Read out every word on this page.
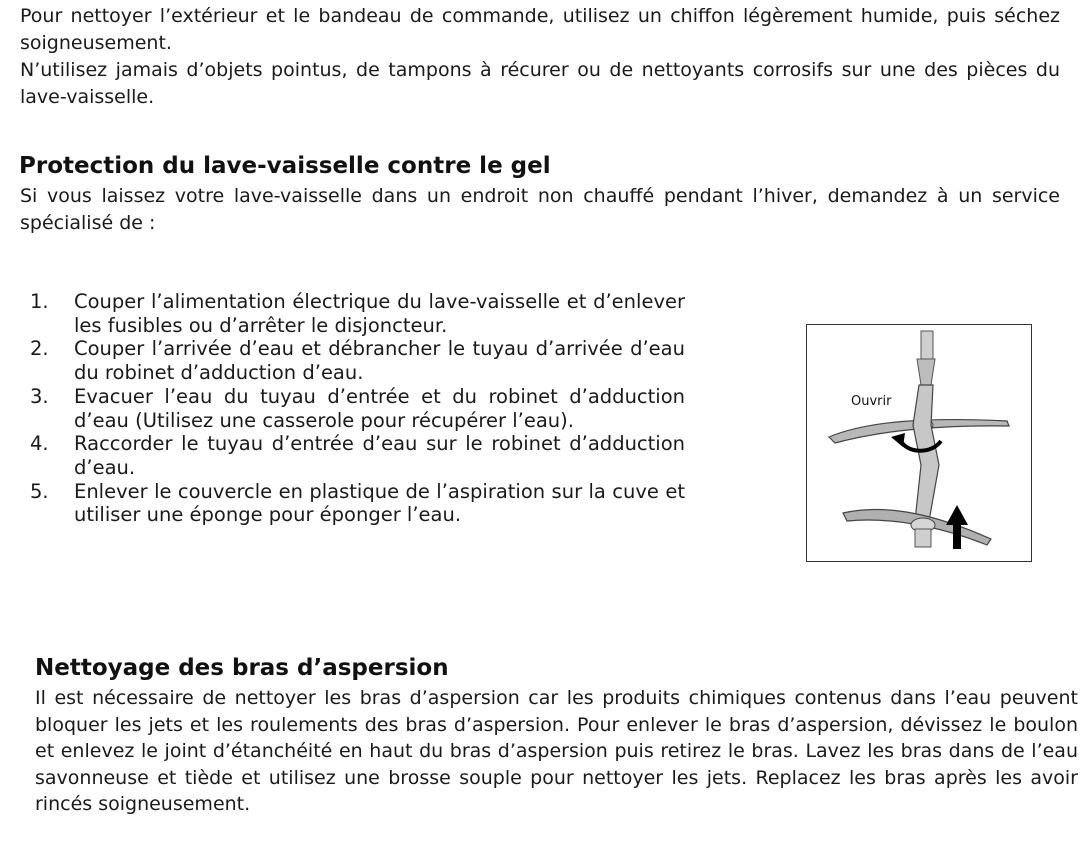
Pour nettoyer l’extérieur et le bandeau de commande, utilisez un chiffon légèrement humide, puis séchez soigneusement.

N’utilisez jamais d’objets pointus, de tampons à récurer ou de nettoyants corrosifs sur une des pièces du lave-vaisselle.

Protection du lave-vaisselle contre le gel

Si vous laissez votre lave-vaisselle dans un endroit non chauffé pendant l’hiver, demandez à un service spécialisé de :

1. Couper l’alimentation électrique du lave-vaisselle et d’enlever les fusibles ou d’arrêter le disjoncteur.
2. Couper l’arrivée d’eau et débrancher le tuyau d’arrivée d’eau du robinet d’adduction d’eau.
3. Evacuer l’eau du tuyau d’entrée et du robinet d’adduction d’eau (Utilisez une casserole pour récupérer l’eau).
4. Raccorder le tuyau d’entrée d’eau sur le robinet d’adduction d’eau.
5. Enlever le couvercle en plastique de l’aspiration sur la cuve et utiliser une éponge pour éponger l’eau.
Ouvrir
Nettoyage des bras d’aspersion

Il est nécessaire de nettoyer les bras d’aspersion car les produits chimiques contenus dans l’eau peuvent bloquer les jets et les roulements des bras d’aspersion. Pour enlever le bras d’aspersion, dévissez le boulon et enlevez le joint d’étanchéité en haut du bras d’aspersion puis retirez le bras. Lavez les bras dans de l’eau savonneuse et tiède et utilisez une brosse souple pour nettoyer les jets. Replacez les bras après les avoir rincés soigneusement.
